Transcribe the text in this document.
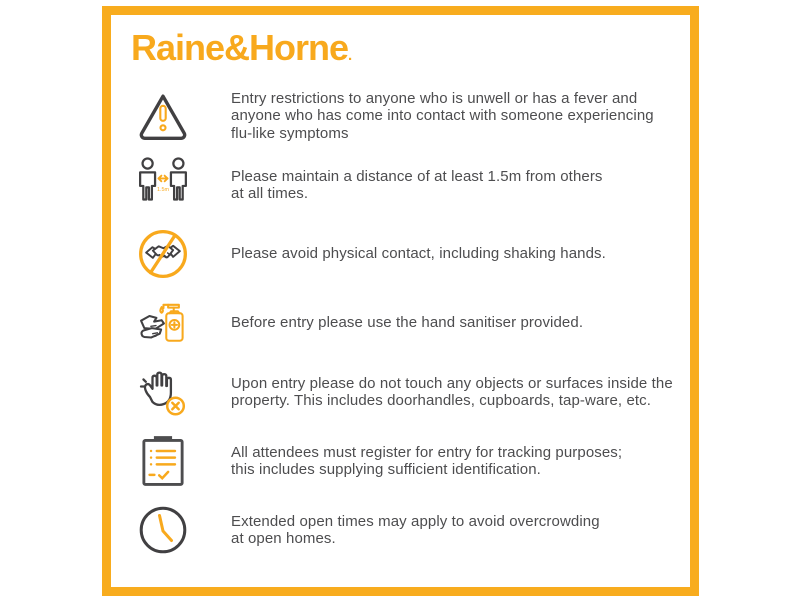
Raine&Horne.
Entry restrictions to anyone who is unwell or has a fever and
anyone who has come into contact with someone experiencing
flu-like symptoms
1.5m
Please maintain a distance of at least 1.5m from others
at all times.
Please avoid physical contact, including shaking hands.
Before entry please use the hand sanitiser provided.
Upon entry please do not touch any objects or surfaces inside the
property. This includes doorhandles, cupboards, tap-ware, etc.
All attendees must register for entry for tracking purposes;
this includes supplying sufficient identification.
Extended open times may apply to avoid overcrowding
at open homes.
